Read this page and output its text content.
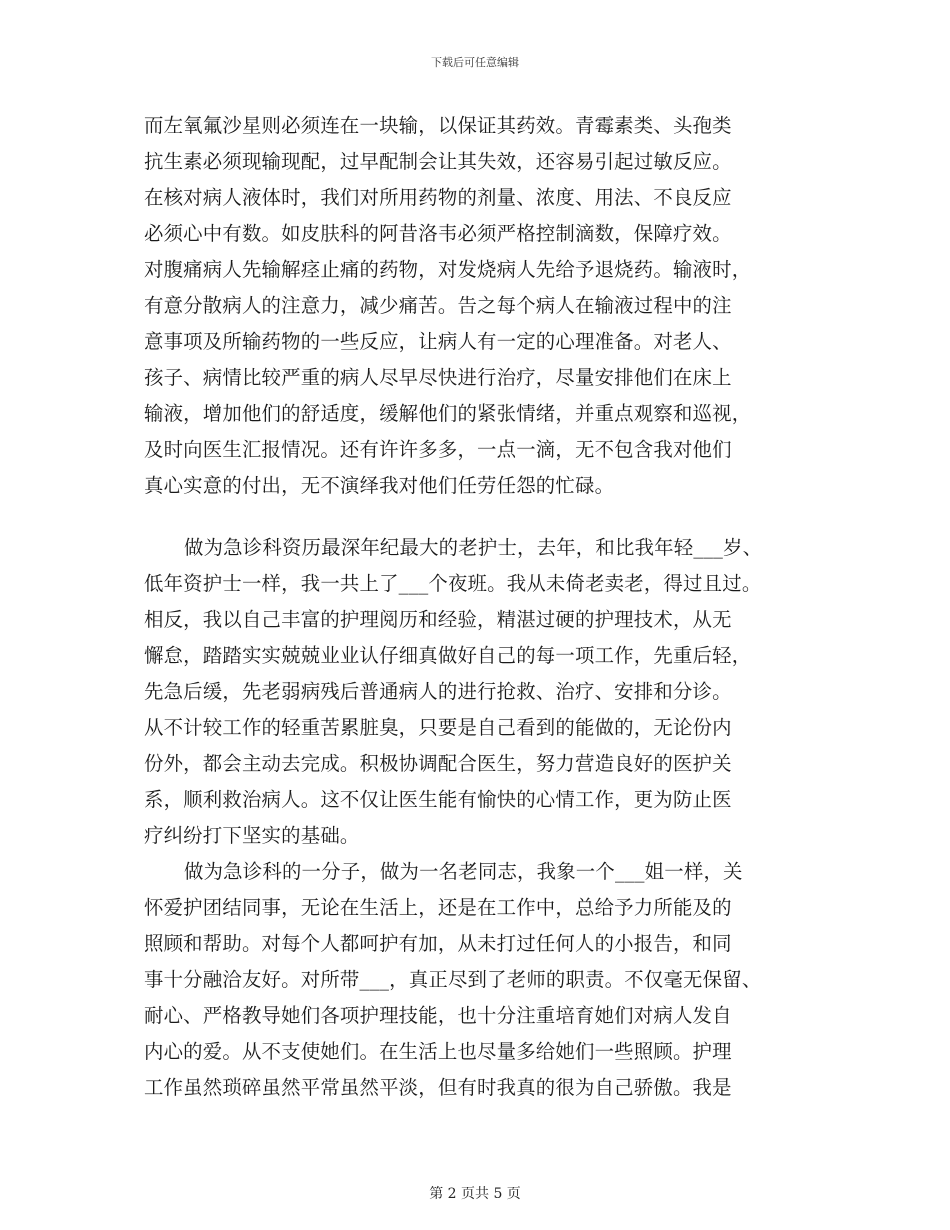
下载后可任意编辑
而左氧氟沙星则必须连在一块输，以保证其药效。青霉素类、头孢类
抗生素必须现输现配，过早配制会让其失效，还容易引起过敏反应。
在核对病人液体时，我们对所用药物的剂量、浓度、用法、不良反应
必须心中有数。如皮肤科的阿昔洛韦必须严格控制滴数，保障疗效。
对腹痛病人先输解痉止痛的药物，对发烧病人先给予退烧药。输液时，
有意分散病人的注意力，减少痛苦。告之每个病人在输液过程中的注
意事项及所输药物的一些反应，让病人有一定的心理准备。对老人、
孩子、病情比较严重的病人尽早尽快进行治疗，尽量安排他们在床上
输液，增加他们的舒适度，缓解他们的紧张情绪，并重点观察和巡视，
及时向医生汇报情况。还有许许多多，一点一滴，无不包含我对他们
真心实意的付出，无不演绎我对他们任劳任怨的忙碌。
做为急诊科资历最深年纪最大的老护士，去年，和比我年轻___岁、
低年资护士一样，我一共上了___个夜班。我从未倚老卖老，得过且过。
相反，我以自己丰富的护理阅历和经验，精湛过硬的护理技术，从无
懈怠，踏踏实实兢兢业业认仔细真做好自己的每一项工作，先重后轻，
先急后缓，先老弱病残后普通病人的进行抢救、治疗、安排和分诊。
从不计较工作的轻重苦累脏臭，只要是自己看到的能做的，无论份内
份外，都会主动去完成。积极协调配合医生，努力营造良好的医护关
系，顺利救治病人。这不仅让医生能有愉快的心情工作，更为防止医
疗纠纷打下坚实的基础。
做为急诊科的一分子，做为一名老同志，我象一个___姐一样，关
怀爱护团结同事，无论在生活上，还是在工作中，总给予力所能及的
照顾和帮助。对每个人都呵护有加，从未打过任何人的小报告，和同
事十分融洽友好。对所带___，真正尽到了老师的职责。不仅毫无保留、
耐心、严格教导她们各项护理技能，也十分注重培育她们对病人发自
内心的爱。从不支使她们。在生活上也尽量多给她们一些照顾。护理
工作虽然琐碎虽然平常虽然平淡，但有时我真的很为自己骄傲。我是
第 2 页共 5 页
